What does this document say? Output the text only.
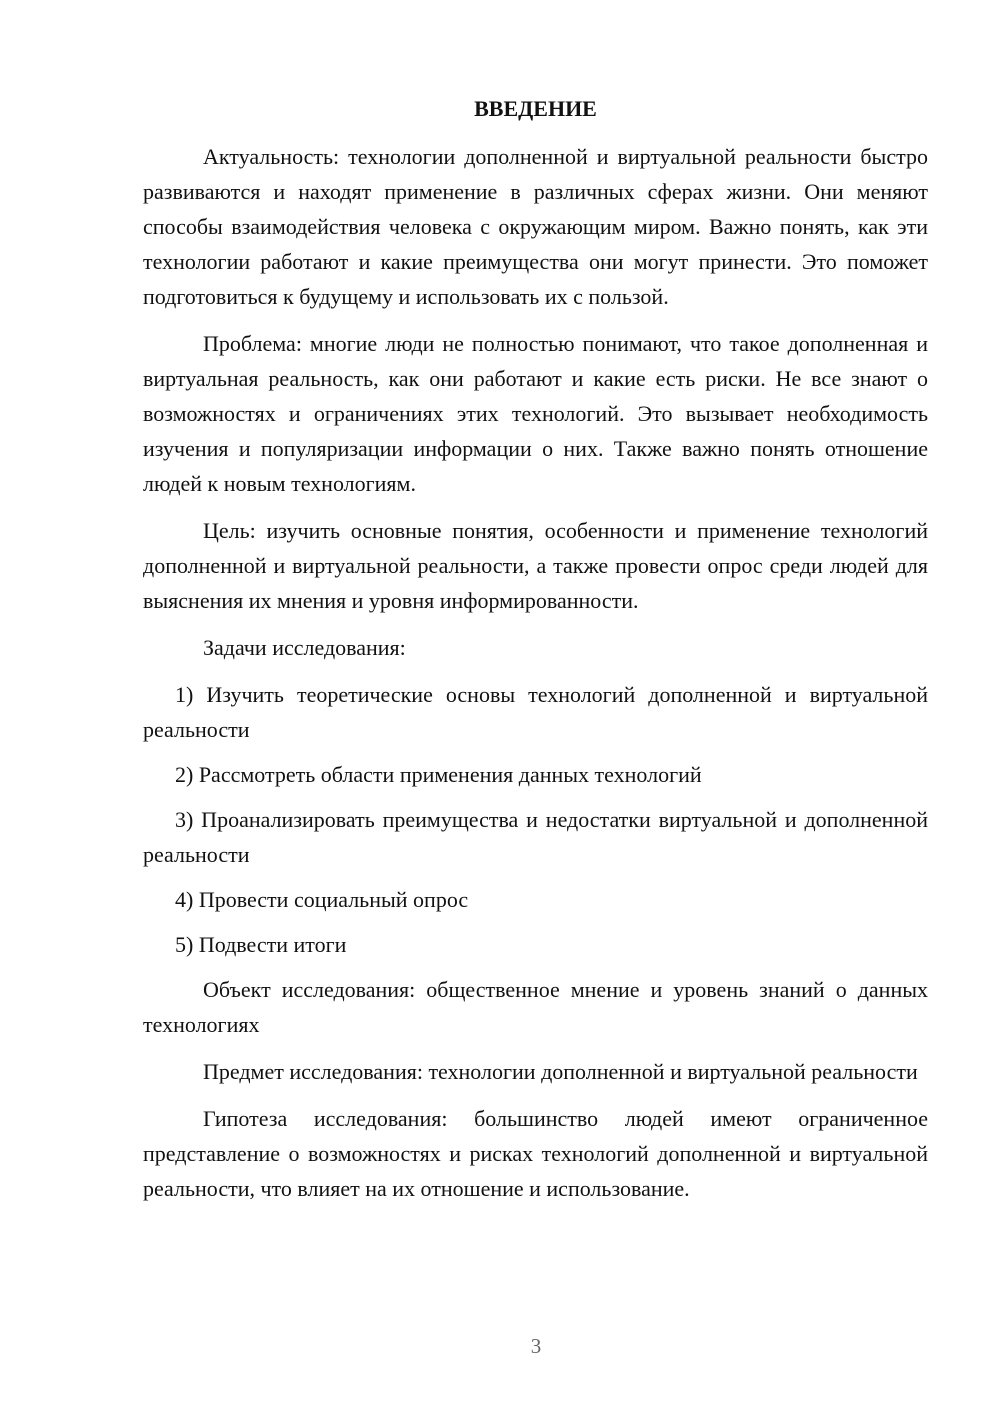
ВВЕДЕНИЕ

Актуальность: технологии дополненной и виртуальной реальности быстро развиваются и находят применение в различных сферах жизни. Они меняют способы взаимодействия человека с окружающим миром. Важно понять, как эти технологии работают и какие преимущества они могут принести. Это поможет подготовиться к будущему и использовать их с пользой.

Проблема: многие люди не полностью понимают, что такое дополненная и виртуальная реальность, как они работают и какие есть риски. Не все знают о возможностях и ограничениях этих технологий. Это вызывает необходимость изучения и популяризации информации о них. Также важно понять отношение людей к новым технологиям.

Цель: изучить основные понятия, особенности и применение технологий дополненной и виртуальной реальности, а также провести опрос среди людей для выяснения их мнения и уровня информированности.

Задачи исследования:

1) Изучить теоретические основы технологий дополненной и виртуальной реальности

2) Рассмотреть области применения данных технологий

3) Проанализировать преимущества и недостатки виртуальной и дополненной реальности

4) Провести социальный опрос

5) Подвести итоги

Объект исследования: общественное мнение и уровень знаний о данных технологиях

Предмет исследования: технологии дополненной и виртуальной реальности

Гипотеза исследования: большинство людей имеют ограниченное представление о возможностях и рисках технологий дополненной и виртуальной реальности, что влияет на их отношение и использование.

3
